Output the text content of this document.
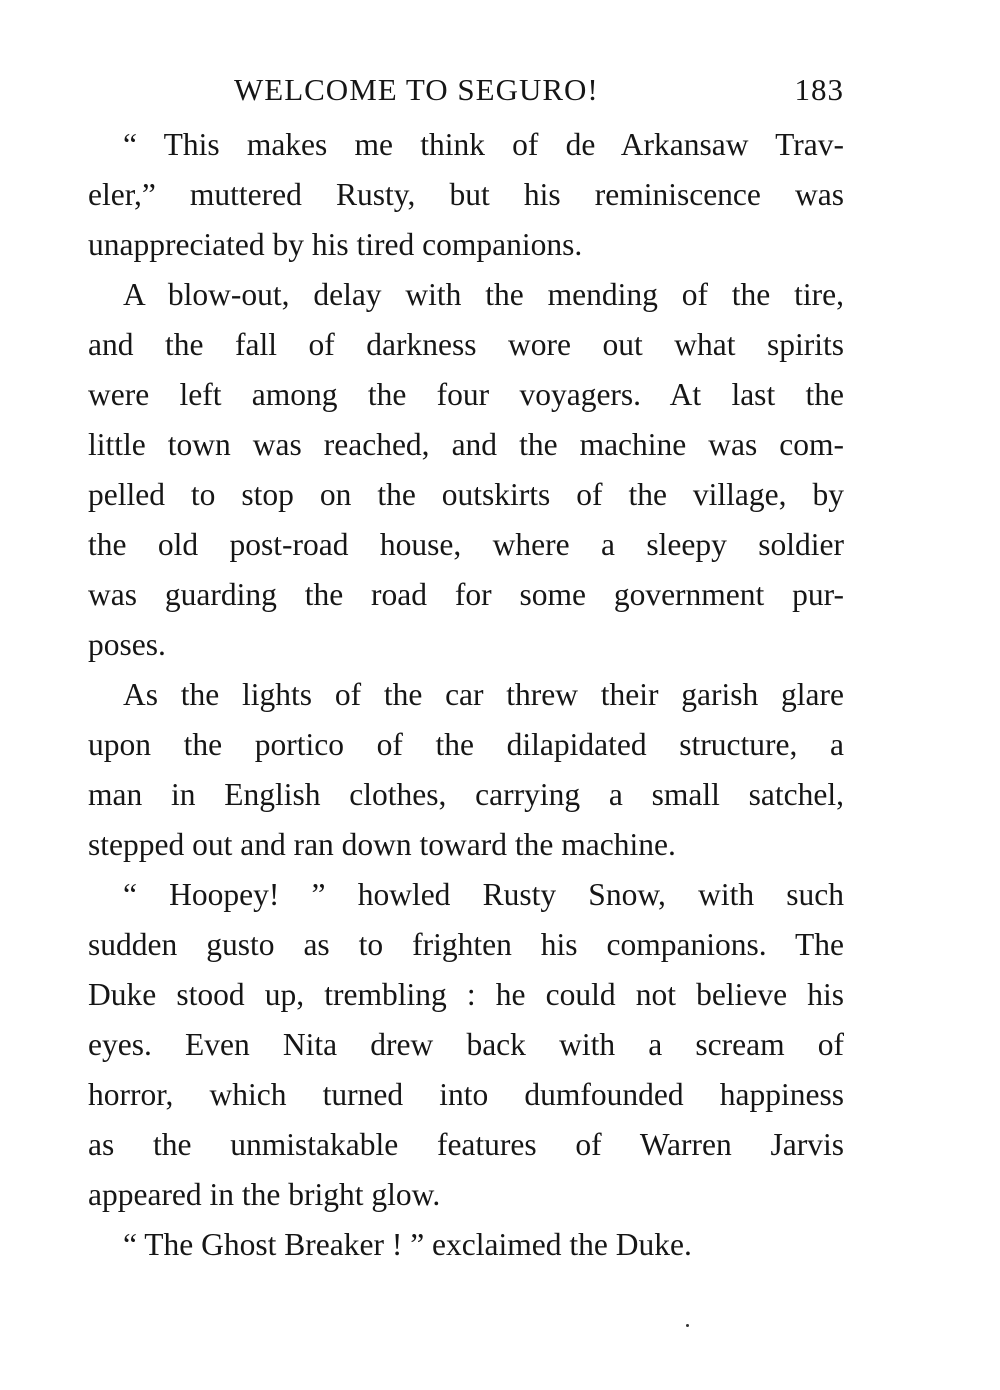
WELCOME TO SEGURO!	183

“ This makes me think of de Arkansaw Trav-
eler,” muttered Rusty, but his reminiscence was
unappreciated by his tired companions.

A blow-out, delay with the mending of the tire,
and the fall of darkness wore out what spirits
were left among the four voyagers. At last the
little town was reached, and the machine was com-
pelled to stop on the outskirts of the village, by
the old post-road house, where a sleepy soldier
was guarding the road for some government pur-
poses.

As the lights of the car threw their garish glare
upon the portico of the dilapidated structure, a
man in English clothes, carrying a small satchel,
stepped out and ran down toward the machine.

“ Hoopey! ” howled Rusty Snow, with such
sudden gusto as to frighten his companions. The
Duke stood up, trembling : he could not believe his
eyes. Even Nita drew back with a scream of
horror, which turned into dumfounded happiness
as the unmistakable features of Warren Jarvis
appeared in the bright glow.

“ The Ghost Breaker ! ” exclaimed the Duke.
